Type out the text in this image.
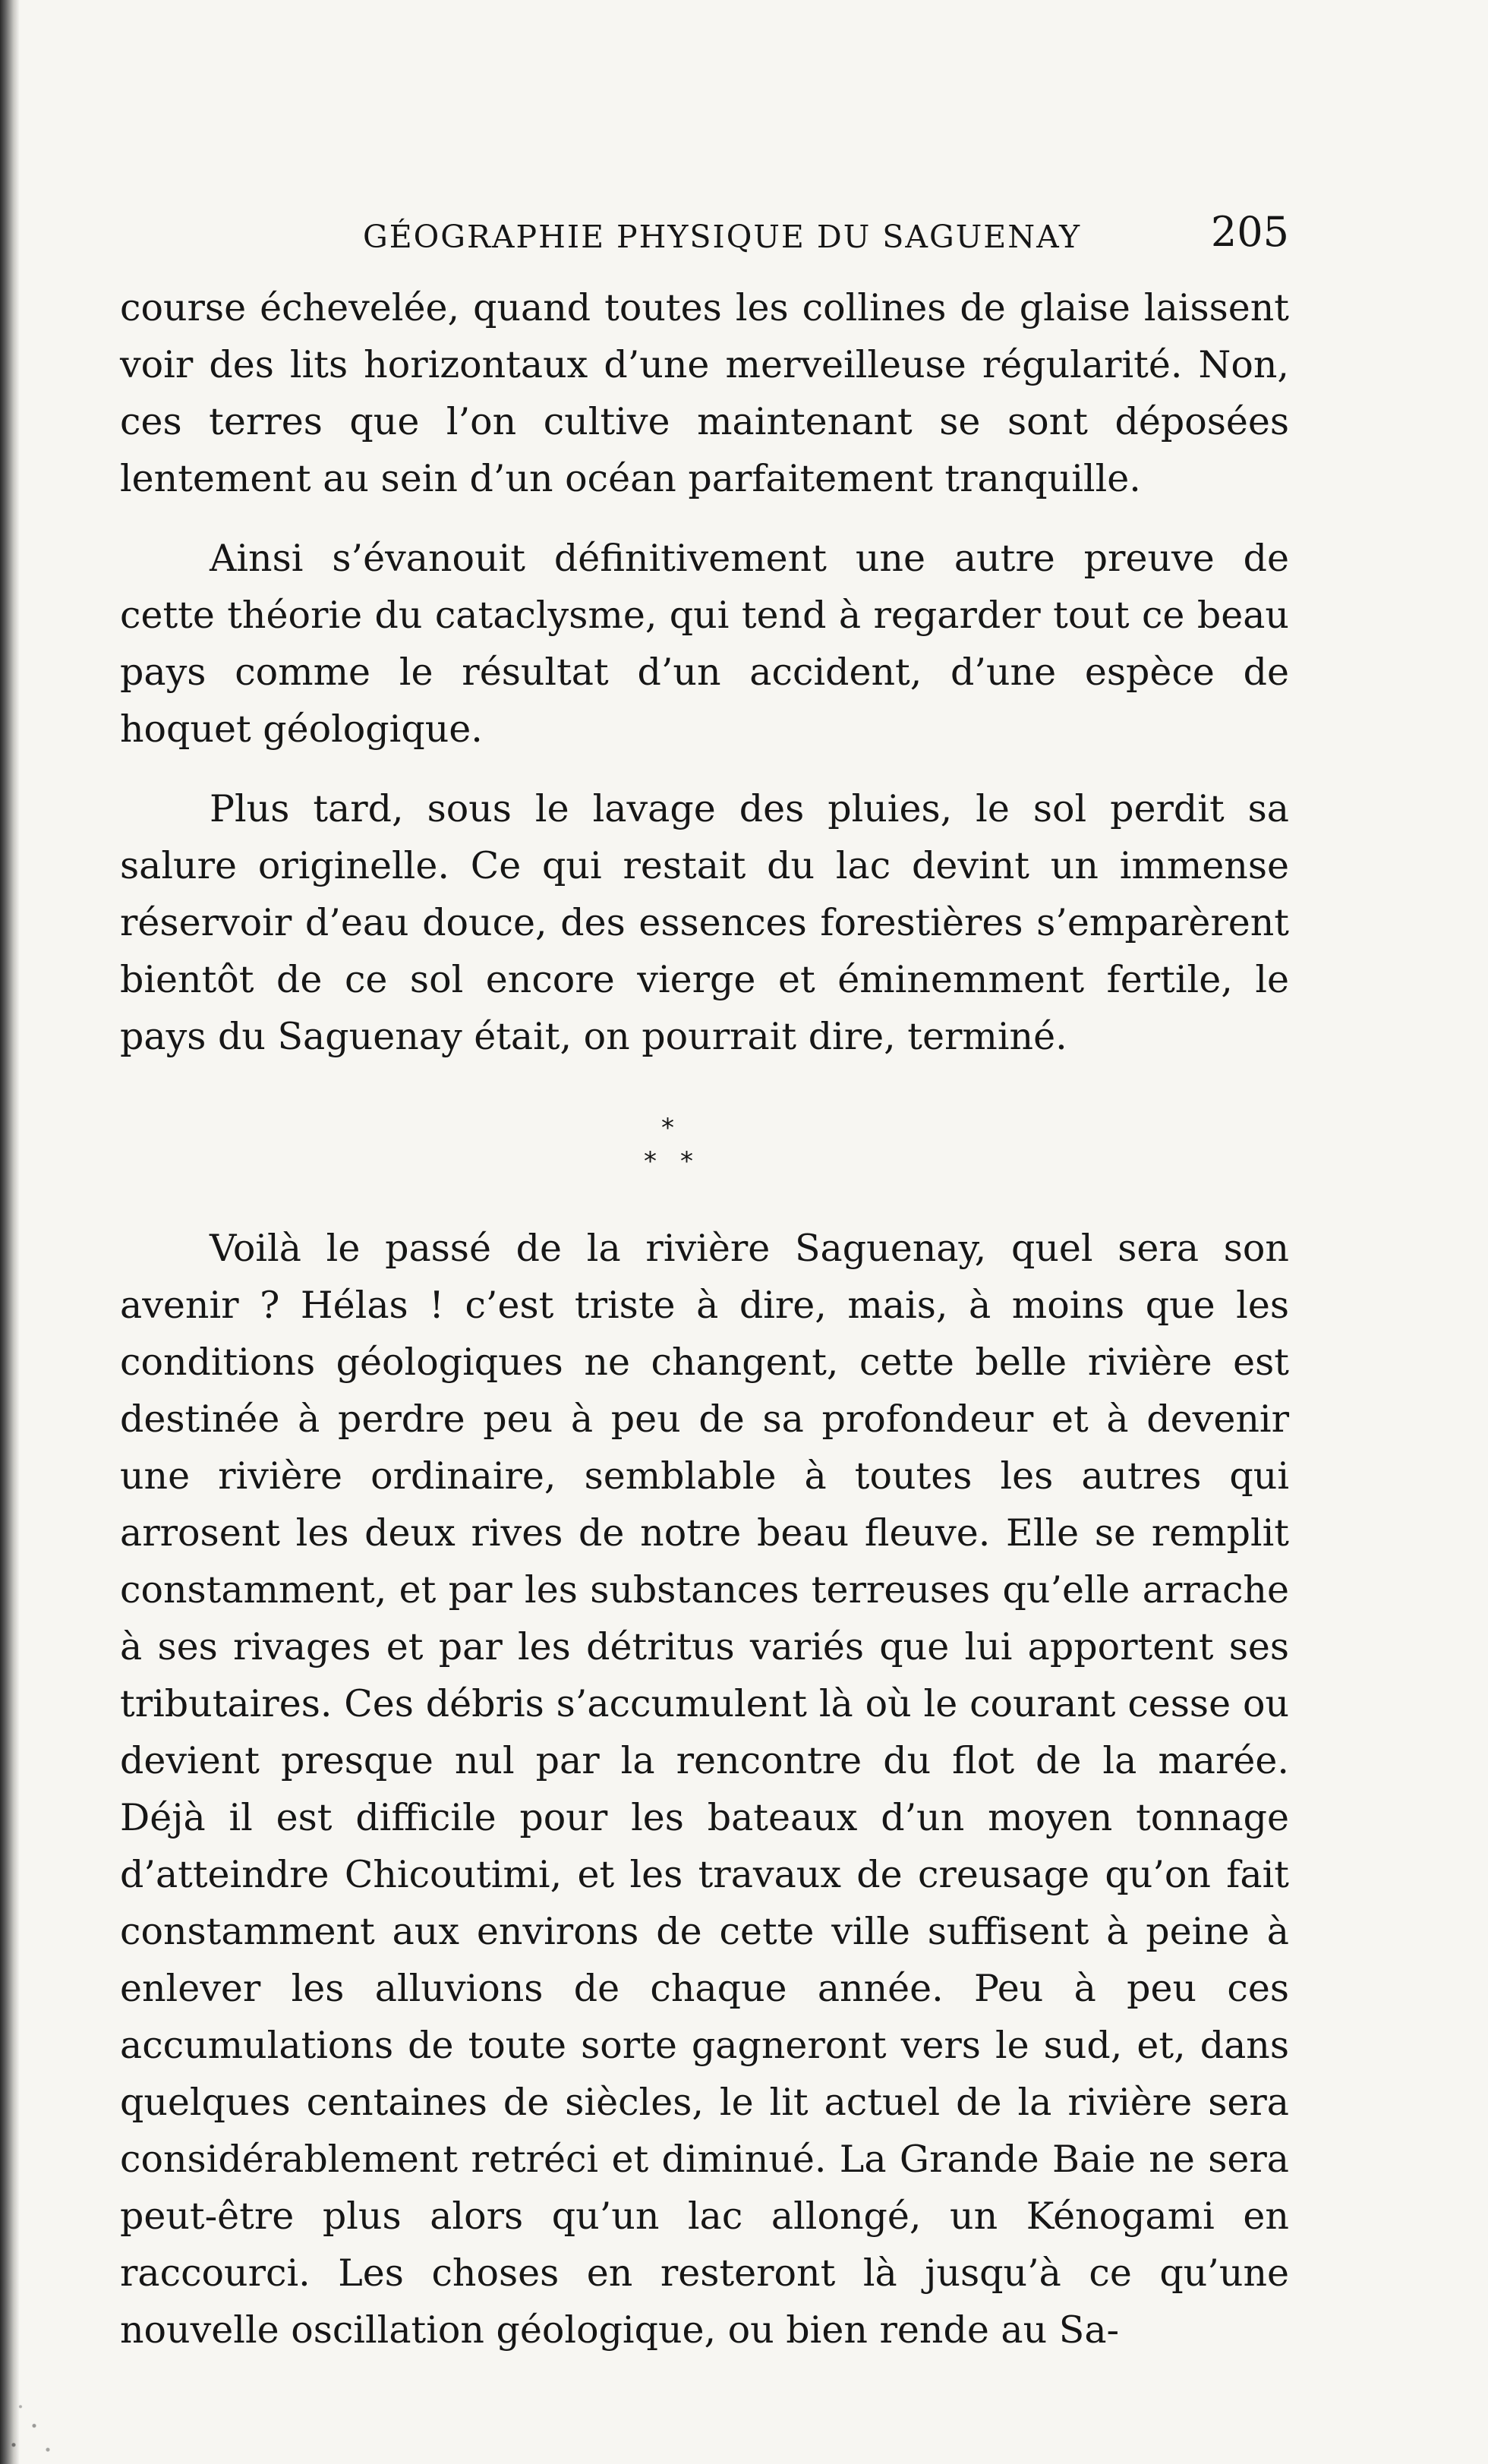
GÉOGRAPHIE PHYSIQUE DU SAGUENAY	205

course échevelée, quand toutes les collines de glaise laissent voir des lits horizontaux d’une merveilleuse régularité. Non, ces terres que l’on cultive maintenant se sont déposées lentement au sein d’un océan parfaitement tranquille.

Ainsi s’évanouit définitivement une autre preuve de cette théorie du cataclysme, qui tend à regarder tout ce beau pays comme le résultat d’un accident, d’une espèce de hoquet géologique.

Plus tard, sous le lavage des pluies, le sol perdit sa salure originelle. Ce qui restait du lac devint un immense réservoir d’eau douce, des essences forestières s’emparèrent bientôt de ce sol encore vierge et éminemment fertile, le pays du Saguenay était, on pourrait dire, terminé.

*
* *

Voilà le passé de la rivière Saguenay, quel sera son avenir ? Hélas ! c’est triste à dire, mais, à moins que les conditions géologiques ne changent, cette belle rivière est destinée à perdre peu à peu de sa profondeur et à devenir une rivière ordinaire, semblable à toutes les autres qui arrosent les deux rives de notre beau fleuve. Elle se remplit constamment, et par les substances terreuses qu’elle arrache à ses rivages et par les détritus variés que lui apportent ses tributaires. Ces débris s’accumulent là où le courant cesse ou devient presque nul par la rencontre du flot de la marée. Déjà il est difficile pour les bateaux d’un moyen tonnage d’atteindre Chicoutimi, et les travaux de creusage qu’on fait constamment aux environs de cette ville suffisent à peine à enlever les alluvions de chaque année. Peu à peu ces accumulations de toute sorte gagneront vers le sud, et, dans quelques centaines de siècles, le lit actuel de la rivière sera considérablement retréci et diminué. La Grande Baie ne sera peut-être plus alors qu’un lac allongé, un Kénogami en raccourci. Les choses en resteront là jusqu’à ce qu’une nouvelle oscillation géologique, ou bien rende au Sa-
